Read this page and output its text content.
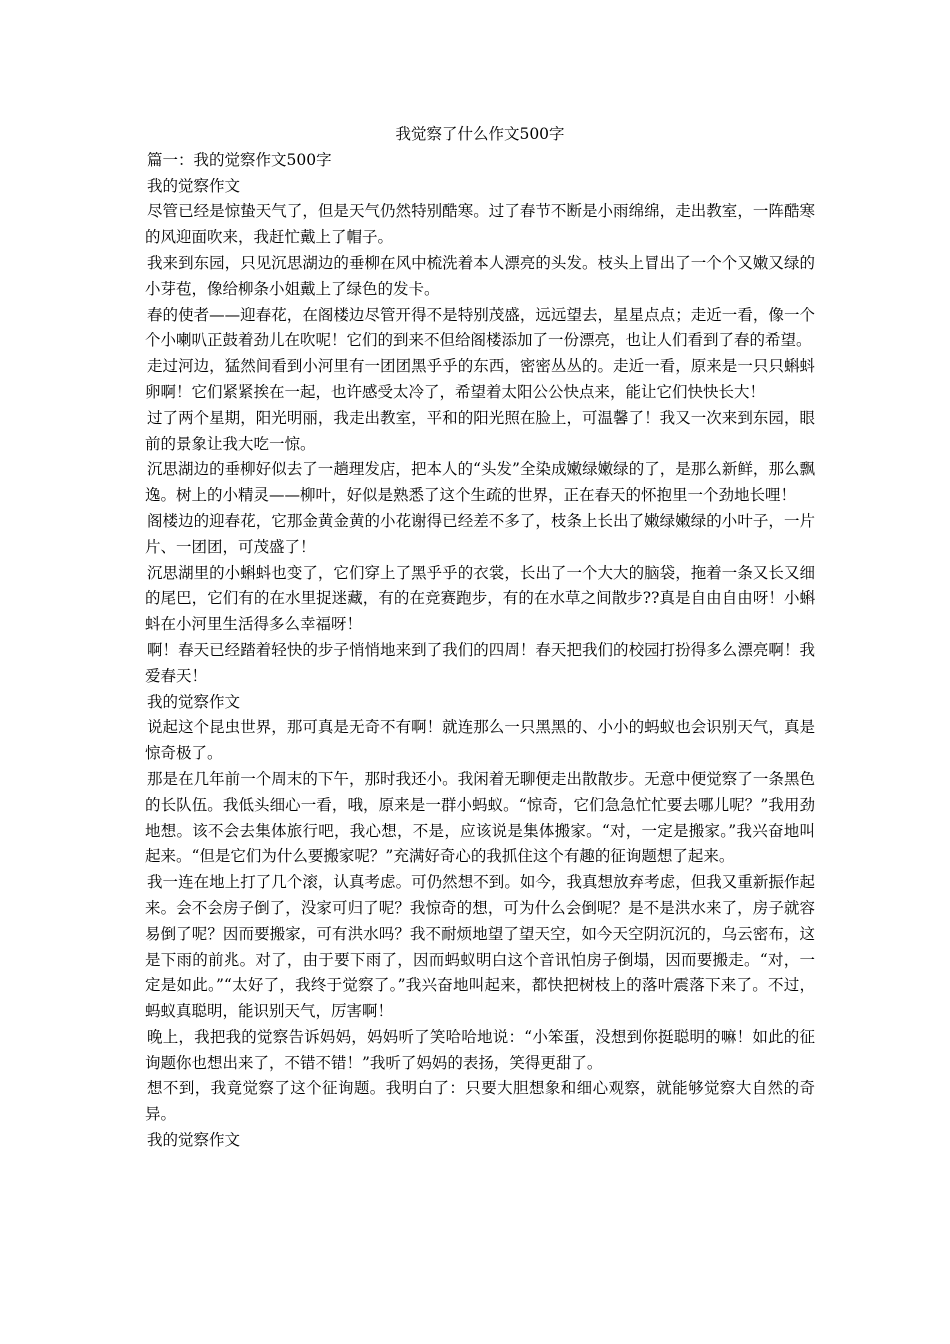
我觉察了什么作文500字

篇一：我的觉察作文500字

我的觉察作文

尽管已经是惊蛰天气了，但是天气仍然特别酷寒。过了春节不断是小雨绵绵，走出教室，一阵酷寒的风迎面吹来，我赶忙戴上了帽子。

我来到东园，只见沉思湖边的垂柳在风中梳洗着本人漂亮的头发。枝头上冒出了一个个又嫩又绿的小芽苞，像给柳条小姐戴上了绿色的发卡。

春的使者——迎春花，在阁楼边尽管开得不是特别茂盛，远远望去，星星点点；走近一看，像一个个小喇叭正鼓着劲儿在吹呢！它们的到来不但给阁楼添加了一份漂亮，也让人们看到了春的希望。

走过河边，猛然间看到小河里有一团团黑乎乎的东西，密密丛丛的。走近一看，原来是一只只蝌蚪卵啊！它们紧紧挨在一起，也许感受太冷了，希望着太阳公公快点来，能让它们快快长大！

过了两个星期，阳光明丽，我走出教室，平和的阳光照在脸上，可温馨了！我又一次来到东园，眼前的景象让我大吃一惊。

沉思湖边的垂柳好似去了一趟理发店，把本人的“头发”全染成嫩绿嫩绿的了，是那么新鲜，那么飘逸。树上的小精灵——柳叶，好似是熟悉了这个生疏的世界，正在春天的怀抱里一个劲地长哩！

阁楼边的迎春花，它那金黄金黄的小花谢得已经差不多了，枝条上长出了嫩绿嫩绿的小叶子，一片片、一团团，可茂盛了！

沉思湖里的小蝌蚪也变了，它们穿上了黑乎乎的衣裳，长出了一个大大的脑袋，拖着一条又长又细的尾巴，它们有的在水里捉迷藏，有的在竞赛跑步，有的在水草之间散步??真是自由自由呀！小蝌蚪在小河里生活得多么幸福呀！

啊！春天已经踏着轻快的步子悄悄地来到了我们的四周！春天把我们的校园打扮得多么漂亮啊！我爱春天！

我的觉察作文

说起这个昆虫世界，那可真是无奇不有啊！就连那么一只黑黑的、小小的蚂蚁也会识别天气，真是惊奇极了。

那是在几年前一个周末的下午，那时我还小。我闲着无聊便走出散散步。无意中便觉察了一条黑色的长队伍。我低头细心一看，哦，原来是一群小蚂蚁。“惊奇，它们急急忙忙要去哪儿呢？”我用劲地想。该不会去集体旅行吧，我心想，不是，应该说是集体搬家。“对，一定是搬家。”我兴奋地叫起来。“但是它们为什么要搬家呢？”充满好奇心的我抓住这个有趣的征询题想了起来。

我一连在地上打了几个滚，认真考虑。可仍然想不到。如今，我真想放弃考虑，但我又重新振作起来。会不会房子倒了，没家可归了呢？我惊奇的想，可为什么会倒呢？是不是洪水来了，房子就容易倒了呢？因而要搬家，可有洪水吗？我不耐烦地望了望天空，如今天空阴沉沉的，乌云密布，这是下雨的前兆。对了，由于要下雨了，因而蚂蚁明白这个音讯怕房子倒塌，因而要搬走。“对，一定是如此。”“太好了，我终于觉察了。”我兴奋地叫起来，都快把树枝上的落叶震落下来了。不过，蚂蚁真聪明，能识别天气，厉害啊！

晚上，我把我的觉察告诉妈妈，妈妈听了笑哈哈地说：“小笨蛋，没想到你挺聪明的嘛！如此的征询题你也想出来了，不错不错！”我听了妈妈的表扬，笑得更甜了。

想不到，我竟觉察了这个征询题。我明白了：只要大胆想象和细心观察，就能够觉察大自然的奇异。

我的觉察作文
